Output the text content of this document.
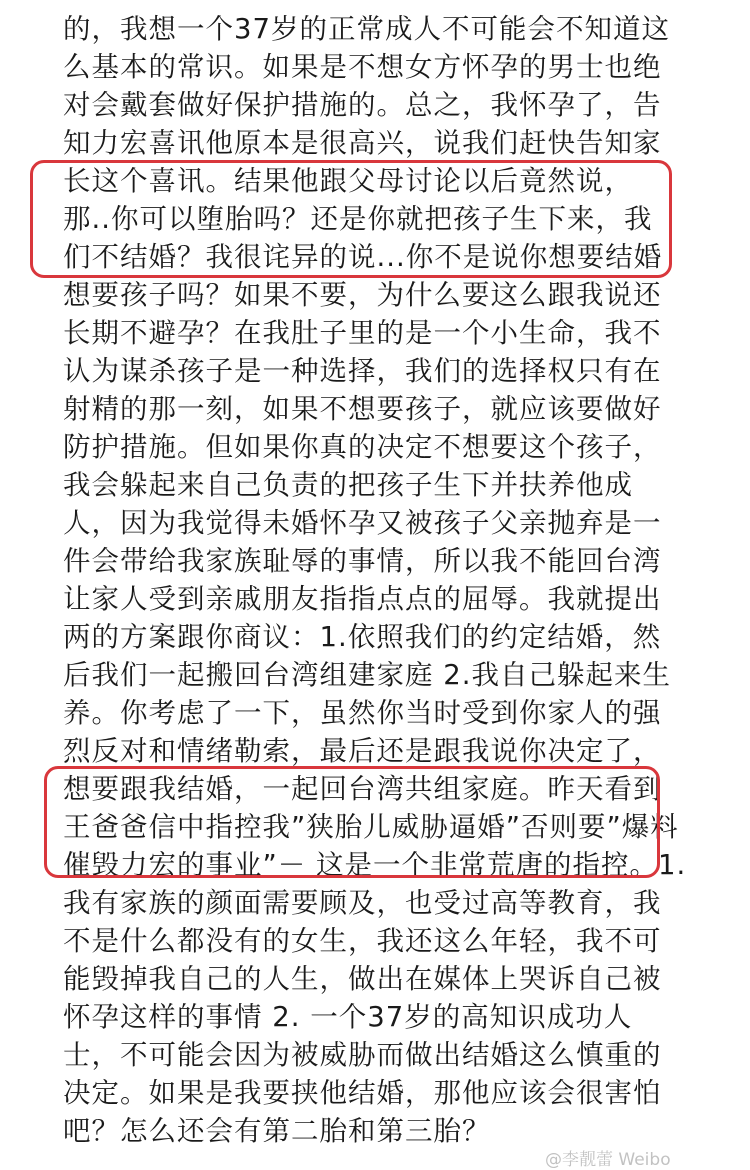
的，我想一个37岁的正常成人不可能会不知道这
么基本的常识。如果是不想女方怀孕的男士也绝
对会戴套做好保护措施的。总之，我怀孕了，告
知力宏喜讯他原本是很高兴，说我们赶快告知家
长这个喜讯。结果他跟父母讨论以后竟然说，
那..你可以堕胎吗？还是你就把孩子生下来，我
们不结婚？我很诧异的说...你不是说你想要结婚
想要孩子吗？如果不要，为什么要这么跟我说还
长期不避孕？在我肚子里的是一个小生命，我不
认为谋杀孩子是一种选择，我们的选择权只有在
射精的那一刻，如果不想要孩子，就应该要做好
防护措施。但如果你真的决定不想要这个孩子，
我会躲起来自己负责的把孩子生下并扶养他成
人，因为我觉得未婚怀孕又被孩子父亲抛弃是一
件会带给我家族耻辱的事情，所以我不能回台湾
让家人受到亲戚朋友指指点点的屈辱。我就提出
两的方案跟你商议：1.依照我们的约定结婚，然
后我们一起搬回台湾组建家庭 2.我自己躲起来生
养。你考虑了一下，虽然你当时受到你家人的强
烈反对和情绪勒索，最后还是跟我说你决定了，
想要跟我结婚，一起回台湾共组家庭。昨天看到
王爸爸信中指控我”狭胎儿威胁逼婚”否则要”爆料
催毁力宏的事业”－ 这是一个非常荒唐的指控。1.
我有家族的颜面需要顾及，也受过高等教育，我
不是什么都没有的女生，我还这么年轻，我不可
能毁掉我自己的人生，做出在媒体上哭诉自己被
怀孕这样的事情 2. 一个37岁的高知识成功人
士，不可能会因为被威胁而做出结婚这么慎重的
决定。如果是我要挟他结婚，那他应该会很害怕
吧？怎么还会有第二胎和第三胎？
@李靓蕾 Weibo
